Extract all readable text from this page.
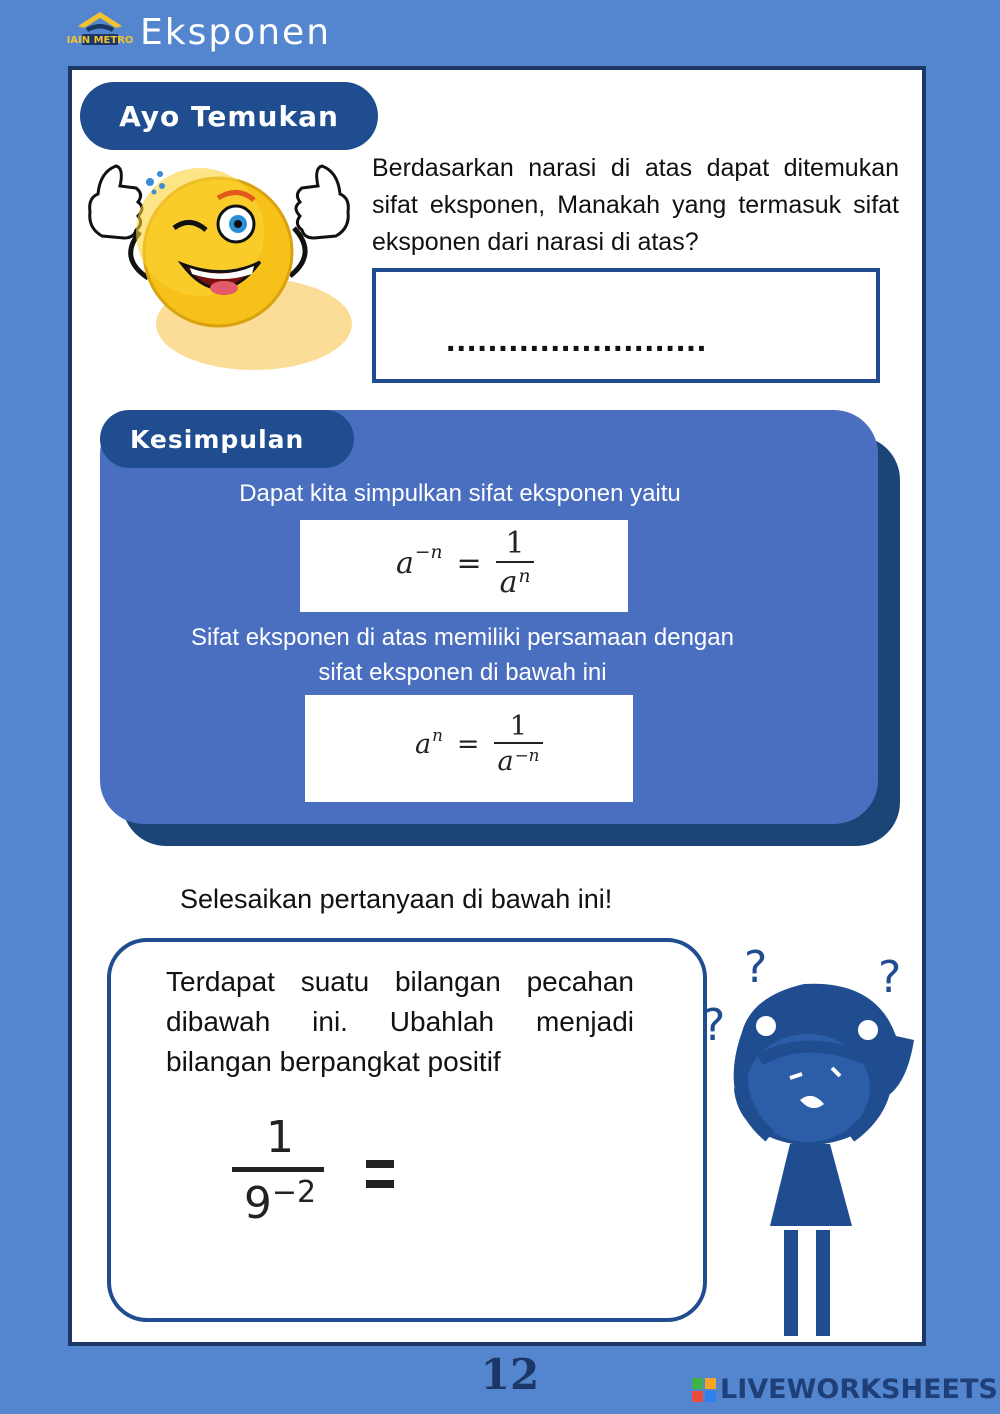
IAIN METRO Eksponen
Ayo Temukan
Berdasarkan narasi di atas dapat ditemukan sifat eksponen, Manakah yang termasuk sifat eksponen dari narasi di atas?
.........................
Kesimpulan
Dapat kita simpulkan sifat eksponen yaitu
$a -n = \frac{1}{a^n}$
Sifat eksponen di atas memiliki persamaan dengan sifat eksponen di bawah ini
a $n = \frac{1}{a^{-n}}$
Selesaikan pertanyaan di bawah ini!
Terdapat suatu bilangan pecahan dibawah ini. Ubahlah menjadi bilangan berpangkat positif
1
$9^{-2}$
?	?
?
12	LIVEWORKSHEETS
